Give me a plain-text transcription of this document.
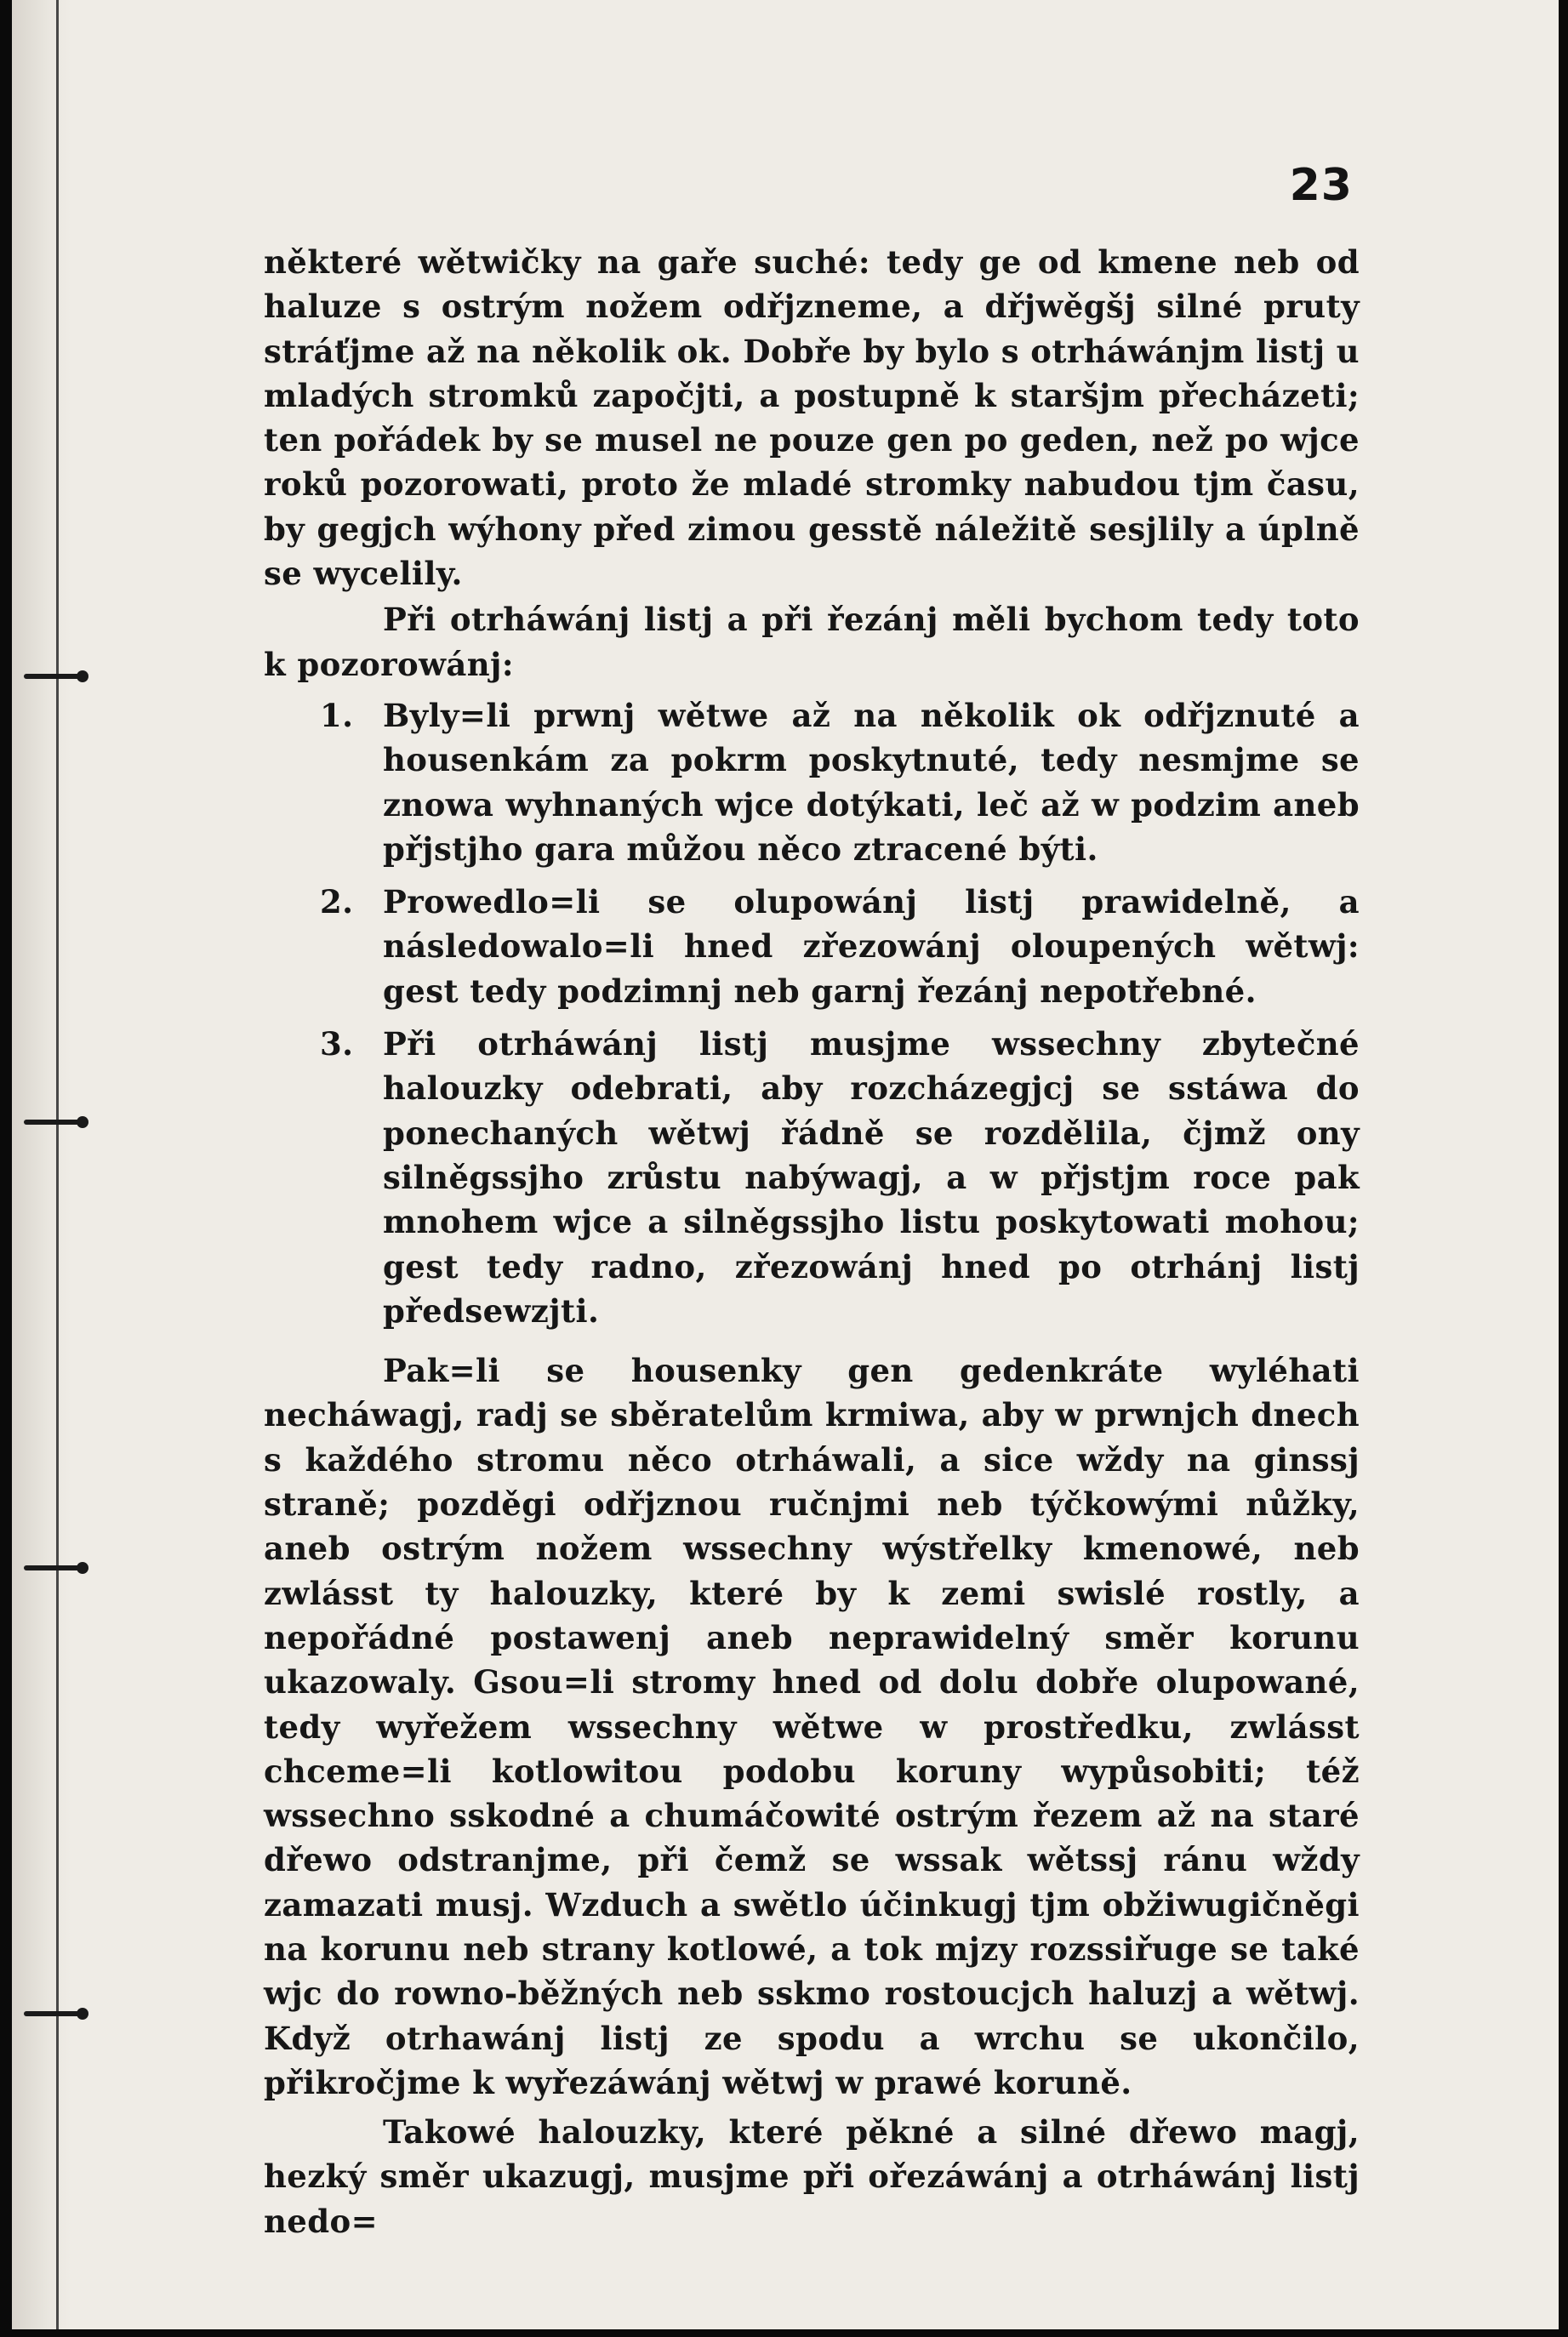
23

některé wětwičky na gaře suché: tedy ge od kmene neb od haluze s ostrým nožem odřjzneme, a dřjwěgšj silné pruty stráťjme až na několik ok. Dobře by bylo s otrháwánjm listj u mladých stromků započjti, a postupně k staršjm přecházeti; ten pořádek by se musel ne pouze gen po geden, než po wjce roků pozorowati, proto že mladé stromky nabudou tjm času, by gegjch wýhony před zimou gesstě náležitě sesjlily a úplně se wycelily.

Při otrháwánj listj a při řezánj měli bychom tedy toto k pozorowánj:

1. Byly=li prwnj wětwe až na několik ok odřjznuté a housenkám za pokrm poskytnuté, tedy nesmjme se znowa wyhnaných wjce dotýkati, leč až w podzim aneb přjstjho gara můžou něco ztracené býti.
2. Prowedlo=li se olupowánj listj prawidelně, a následowalo=li hned zřezowánj oloupených wětwj: gest tedy podzimnj neb garnj řezánj nepotřebné.
3. Při otrháwánj listj musjme wssechny zbytečné halouzky odebrati, aby rozcházegjcj se sstáwa do ponechaných wětwj řádně se rozdělila, čjmž ony silněgssjho zrůstu nabýwagj, a w přjstjm roce pak mnohem wjce a silněgssjho listu poskytowati mohou; gest tedy radno, zřezowánj hned po otrhánj listj předsewzjti.

Pak=li se housenky gen gedenkráte wyléhati necháwagj, radj se sběratelům krmiwa, aby w prwnjch dnech s každého stromu něco otrháwali, a sice wždy na ginssj straně; pozděgi odřjznou ručnjmi neb týčkowými nůžky, aneb ostrým nožem wssechny wýstřelky kmenowé, neb zwlásst ty halouzky, které by k zemi swislé rostly, a nepořádné postawenj aneb neprawidelný směr korunu ukazowaly. Gsou=li stromy hned od dolu dobře olupowané, tedy wyřežem wssechny wětwe w prostředku, zwlásst chceme=li kotlowitou podobu koruny wypůsobiti; též wssechno sskodné a chumáčowité ostrým řezem až na staré dřewo odstranjme, při čemž se wssak wětssj ránu wždy zamazati musj. Wzduch a swětlo účinkugj tjm obžiwugičněgi na korunu neb strany kotlowé, a tok mjzy rozssiřuge se také wjc do rowno-běžných neb sskmo rostoucjch haluzj a wětwj. Když otrhawánj listj ze spodu a wrchu se ukončilo, přikročjme k wyřezáwánj wětwj w prawé koruně.

Takowé halouzky, které pěkné a silné dřewo magj, hezký směr ukazugj, musjme při ořezáwánj a otrháwánj listj nedo=
